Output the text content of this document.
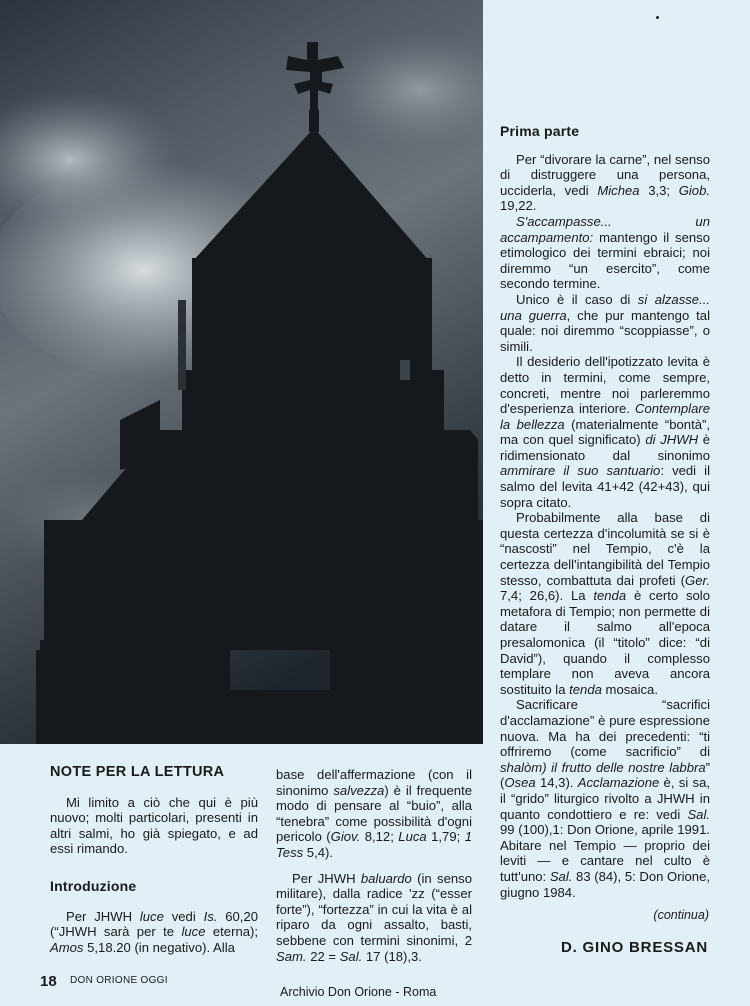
NOTE PER LA LETTURA

Mi limito a ciò che qui è più nuovo; molti particolari, presenti in altri salmi, ho già spiegato, e ad essi rimando.

Introduzione

Per JHWH luce vedi Is. 60,20 (“JHWH sarà per te luce eterna); Amos 5,18.20 (in negativo). Alla

base dell'affermazione (con il sinonimo salvezza) è il frequente modo di pensare al “buio”, alla “tenebra” come possibilità d'ogni pericolo (Giov. 8,12; Luca 1,79; 1 Tess 5,4).

Per JHWH baluardo (in senso militare), dalla radice 'zz (“esser forte”), “fortezza” in cui la vita è al riparo da ogni assalto, basti, sebbene con termini sinonimi, 2 Sam. 22 = Sal. 17 (18),3.

Prima parte

Per “divorare la carne”, nel senso di distruggere una persona, ucciderla, vedi Michea 3,3; Giob. 19,22.

S'accampasse... un accampamento: mantengo il senso etimologico dei termini ebraici; noi diremmo “un esercito”, come secondo termine.

Unico è il caso di si alzasse... una guerra, che pur mantengo tal quale: noi diremmo “scoppiasse”, o simili.

Il desiderio dell'ipotizzato levita è detto in termini, come sempre, concreti, mentre noi parleremmo d'esperienza interiore. Contemplare la bellezza (materialmente “bontà”, ma con quel significato) di JHWH è ridimensionato dal sinonimo ammirare il suo santuario: vedi il salmo del levita 41+42 (42+43), qui sopra citato.

Probabilmente alla base di questa certezza d'incolumità se si è “nascosti” nel Tempio, c'è la certezza dell'intangibilità del Tempio stesso, combattuta dai profeti (Ger. 7,4; 26,6). La tenda è certo solo metafora di Tempio; non permette di datare il salmo all'epoca presalomonica (il “titolo” dice: “di David”), quando il complesso templare non aveva ancora sostituito la tenda mosaica.

Sacrificare “sacrifici d'acclamazione” è pure espressione nuova. Ma ha dei precedenti: “ti offriremo (come sacrificio” di shalòm) il frutto delle nostre labbra” (Osea 14,3). Acclamazione è, si sa, il “grido” liturgico rivolto a JHWH in quanto condottiero e re: vedi Sal. 99 (100),1: Don Orione, aprile 1991. Abitare nel Tempio — proprio dei leviti — e cantare nel culto è tutt'uno: Sal. 83 (84), 5: Don Orione, giugno 1984.

(continua)
D. GINO BRESSAN
18 DON ORIONE OGGI
Archivio Don Orione - Roma
